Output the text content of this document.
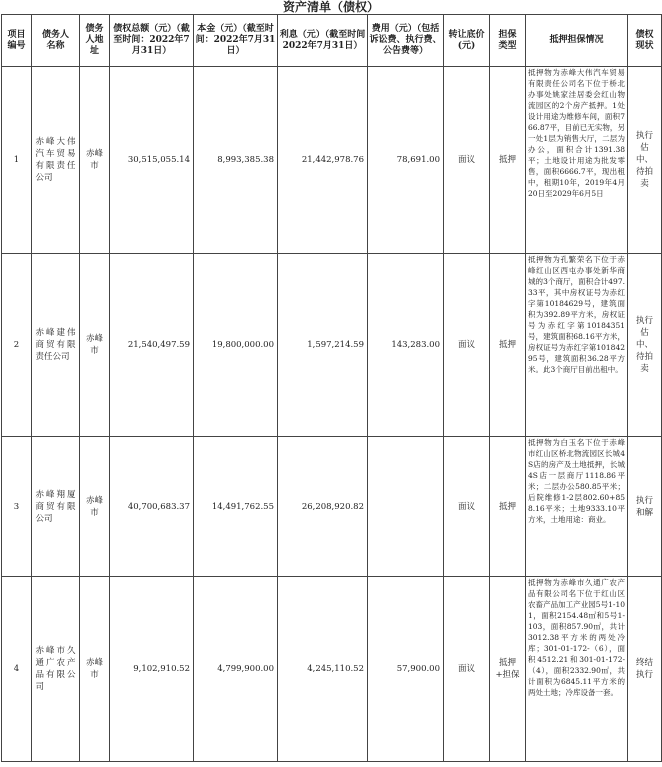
资产清单（债权）
项目编号	债务人名称	债务人地址	债权总额（元）（截至时间：2022年7月31日）	本金（元）（截至时间：2022年7月31日）	利息（元）（截至时间2022年7月31日）	费用（元）（包括诉讼费、执行费、公告费等）	转让底价(元)	担保类型	抵押担保情况	债权现状

1	赤峰大伟汽车贸易有限责任公司	赤峰市	30,515,055.14	8,993,385.38	21,442,978.76	78,691.00	面议	抵押	抵押物为赤峰大伟汽车贸易有限责任公司名下位于桥北办事处姚家洼居委会红山物流园区的2个房产抵押。1处设计用途为维修车间，面积766.87平，目前已无实物，另一处1层为销售大厅，二层为办公，面积合计1391.38平；土地设计用途为批发零售，面积6666.7平，现出租中，租期10年，2019年4月20日至2029年6月5日	执行估中、待拍卖

2	赤峰建伟商贸有限责任公司	赤峰市	21,540,497.59	19,800,000.00	1,597,214.59	143,283.00	面议	抵押	抵押物为孔繁荣名下位于赤峰红山区西屯办事处新华商城的3个商厅，面积合计497.33平，其中房权证号为赤红字第10184629号，建筑面积为392.89平方米，房权证号为赤红字第10184351号，建筑面积68.16平方米，房权证号为赤红字第10184295号，建筑面积36.28平方米。此3个商厅目前出租中。	执行估中、待拍卖

3	赤峰翔厦商贸有限公司	赤峰市	40,700,683.37	14,491,762.55	26,208,920.82		面议	抵押	抵押物为白玉名下位于赤峰市红山区桥北物流园区长城4S店的房产及土地抵押，长城4S店一层商厅1118.86平米；二层办公580.85平米；后院维修1-2层802.60+858.16平米；土地9333.10平方米，土地用途：商业。	执行和解

4	赤峰市久通广农产品有限公司	赤峰市	9,102,910.52	4,799,900.00	4,245,110.52	57,900.00	面议	抵押+担保	抵押物为赤峰市久通广农产品有限公司名下位于红山区农畜产品加工产业园5号1-101，面积2154.48㎡和5号1-103，面积857.90㎡，共计3012.38平方米的两处冷库；301-01-172-（6），面积4512.21和301-01-172-（4），面积2332.90㎡，共计面积为6845.11平方米的两处土地；冷库设备一套。	终结执行
